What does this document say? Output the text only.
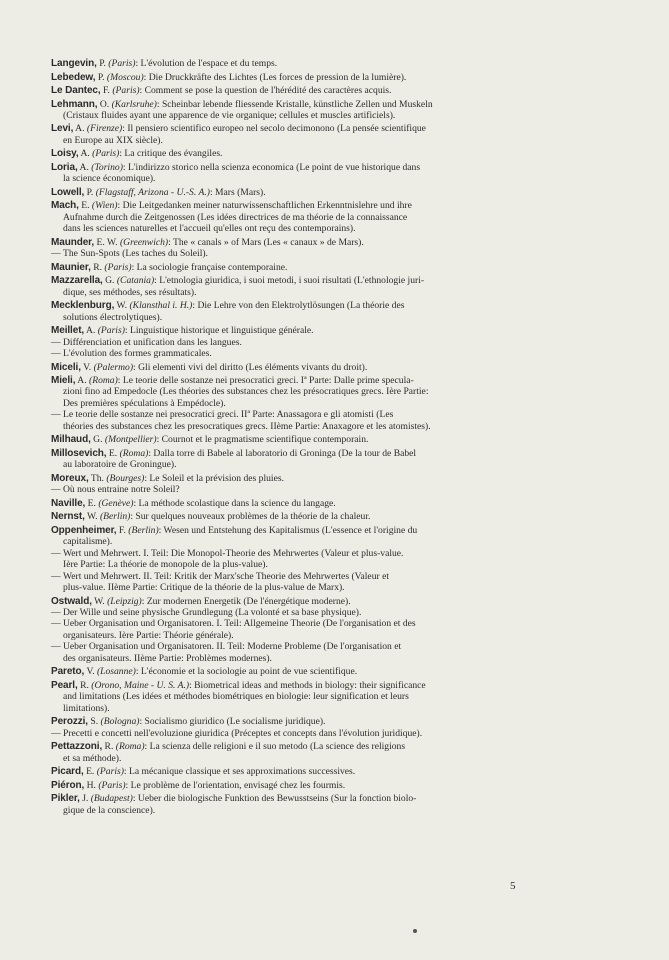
Langevin, P. (Paris): L'évolution de l'espace et du temps.
Lebedew, P. (Moscou): Die Druckkräfte des Lichtes (Les forces de pression de la lumière).
Le Dantec, F. (Paris): Comment se pose la question de l'hérédité des caractères acquis.
Lehmann, O. (Karlsruhe): Scheinbar lebende fliessende Kristalle, künstliche Zellen und Muskeln
(Cristaux fluides ayant une apparence de vie organique; cellules et muscles artificiels).
Levi, A. (Firenze): Il pensiero scientifico europeo nel secolo decimonono (La pensée scientifique
en Europe au XIX siècle).
Loisy, A. (Paris): La critique des évangiles.
Loria, A. (Torino): L'indirizzo storico nella scienza economica (Le point de vue historique dans
la science économique).
Lowell, P. (Flagstaff, Arizona - U.-S. A.): Mars (Mars).
Mach, E. (Wien): Die Leitgedanken meiner naturwissenschaftlichen Erkenntnislehre und ihre
Aufnahme durch die Zeitgenossen (Les idées directrices de ma théorie de la connaissance
dans les sciences naturelles et l'accueil qu'elles ont reçu des contemporains).
Maunder, E. W. (Greenwich): The « canals » of Mars (Les « canaux » de Mars).
— The Sun-Spots (Les taches du Soleil).
Maunier, R. (Paris): La sociologie française contemporaine.
Mazzarella, G. (Catania): L'etnologia giuridica, i suoi metodi, i suoi risultati (L'ethnologie juri-
dique, ses méthodes, ses résultats).
Mecklenburg, W. (Klansthal i. H.): Die Lehre von den Elektrolytlösungen (La théorie des
solutions électrolytiques).
Meillet, A. (Paris): Linguistique historique et linguistique générale.
— Différenciation et unification dans les langues.
— L'évolution des formes grammaticales.
Miceli, V. (Palermo): Gli elementi vivi del diritto (Les éléments vivants du droit).
Mieli, A. (Roma): Le teorie delle sostanze nei presocratici greci. Iª Parte: Dalle prime specula-
zioni fino ad Empedocle (Les théories des substances chez les présocratiques grecs. Ière Partie:
Des premières spéculations à Empédocle).
— Le teorie delle sostanze nei presocratici greci. IIª Parte: Anassagora e gli atomisti (Les
théories des substances chez les presocratiques grecs. IIème Partie: Anaxagore et les atomistes).
Milhaud, G. (Montpellier): Cournot et le pragmatisme scientifique contemporain.
Millosevich, E. (Roma): Dalla torre di Babele al laboratorio di Groninga (De la tour de Babel
au laboratoire de Groningue).
Moreux, Th. (Bourges): Le Soleil et la prévision des pluies.
— Où nous entraine notre Soleil?
Naville, E. (Genève): La méthode scolastique dans la science du langage.
Nernst, W. (Berlin): Sur quelques nouveaux problèmes de la théorie de la chaleur.
Oppenheimer, F. (Berlin): Wesen und Entstehung des Kapitalismus (L'essence et l'origine du
capitalisme).
— Wert und Mehrwert. I. Teil: Die Monopol-Theorie des Mehrwertes (Valeur et plus-value.
Ière Partie: La théorie de monopole de la plus-value).
— Wert und Mehrwert. II. Teil: Kritik der Marx'sche Theorie des Mehrwertes (Valeur et
plus-value. IIème Partie: Critique de la théorie de la plus-value de Marx).
Ostwald, W. (Leipzig): Zur modernen Energetik (De l'énergétique moderne).
— Der Wille und seine physische Grundlegung (La volonté et sa base physique).
— Ueber Organisation und Organisatoren. I. Teil: Allgemeine Theorie (De l'organisation et des
organisateurs. Ière Partie: Théorie générale).
— Ueber Organisation und Organisatoren. II. Teil: Moderne Probleme (De l'organisation et
des organisateurs. IIème Partie: Problèmes modernes).
Pareto, V. (Losanne): L'économie et la sociologie au point de vue scientifique.
Pearl, R. (Orono, Maine - U. S. A.): Biometrical ideas and methods in biology: their significance
and limitations (Les idées et méthodes biométriques en biologie: leur signification et leurs
limitations).
Perozzi, S. (Bologna): Socialismo giuridico (Le socialisme juridique).
— Precetti e concetti nell'evoluzione giuridica (Préceptes et concepts dans l'évolution juridique).
Pettazzoni, R. (Roma): La scienza delle religioni e il suo metodo (La science des religions
et sa méthode).
Picard, E. (Paris): La mécanique classique et ses approximations successives.
Piéron, H. (Paris): Le problème de l'orientation, envisagé chez les fourmis.
Pikler, J. (Budapest): Ueber die biologische Funktion des Bewusstseins (Sur la fonction biolo-
gique de la conscience).
5
